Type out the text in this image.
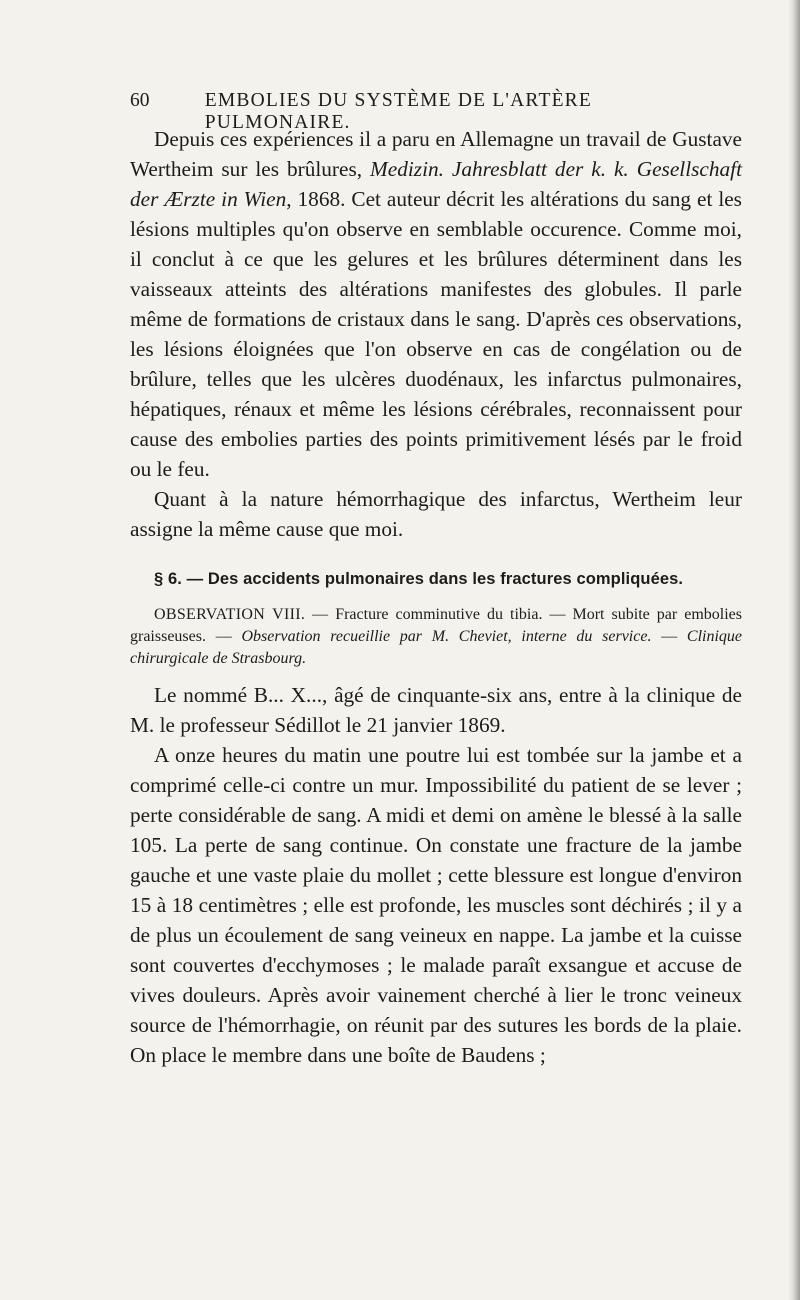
60	EMBOLIES DU SYSTÈME DE L'ARTÈRE PULMONAIRE.

Depuis ces expériences il a paru en Allemagne un travail de Gustave Wertheim sur les brûlures, Medizin. Jahresblatt der k. k. Gesellschaft der Ærzte in Wien, 1868. Cet auteur décrit les altérations du sang et les lésions multiples qu'on observe en semblable occurence. Comme moi, il conclut à ce que les gelures et les brûlures déterminent dans les vaisseaux atteints des altérations manifestes des globules. Il parle même de formations de cristaux dans le sang. D'après ces observations, les lésions éloignées que l'on observe en cas de congélation ou de brûlure, telles que les ulcères duodénaux, les infarctus pulmonaires, hépatiques, rénaux et même les lésions cérébrales, reconnaissent pour cause des embolies parties des points primitivement lésés par le froid ou le feu.

Quant à la nature hémorrhagique des infarctus, Wertheim leur assigne la même cause que moi.

§ 6. — Des accidents pulmonaires dans les fractures compliquées.

OBSERVATION VIII. — Fracture comminutive du tibia. — Mort subite par embolies graisseuses. — Observation recueillie par M. Cheviet, interne du service. — Clinique chirurgicale de Strasbourg.

Le nommé B... X..., âgé de cinquante-six ans, entre à la clinique de M. le professeur Sédillot le 21 janvier 1869.

A onze heures du matin une poutre lui est tombée sur la jambe et a comprimé celle-ci contre un mur. Impossibilité du patient de se lever ; perte considérable de sang. A midi et demi on amène le blessé à la salle 105. La perte de sang continue. On constate une fracture de la jambe gauche et une vaste plaie du mollet ; cette blessure est longue d'environ 15 à 18 centimètres ; elle est profonde, les muscles sont déchirés ; il y a de plus un écoulement de sang veineux en nappe. La jambe et la cuisse sont couvertes d'ecchymoses ; le malade paraît exsangue et accuse de vives douleurs. Après avoir vainement cherché à lier le tronc veineux source de l'hémorrhagie, on réunit par des sutures les bords de la plaie. On place le membre dans une boîte de Baudens ;
